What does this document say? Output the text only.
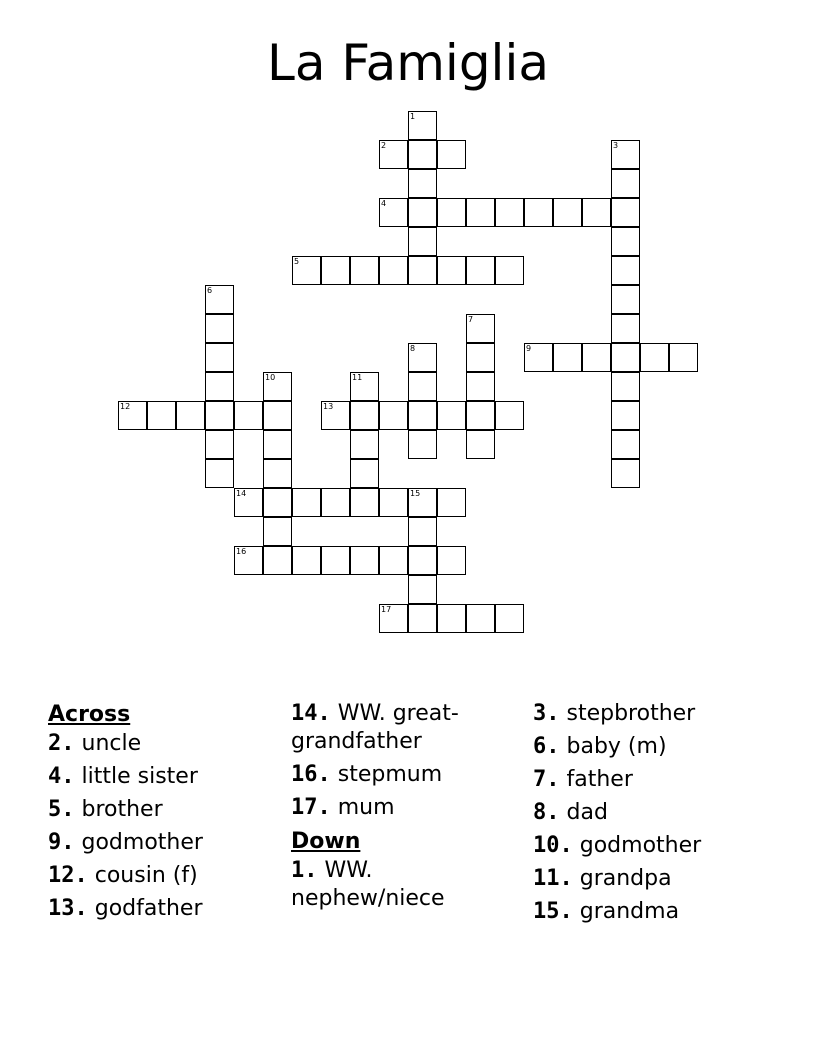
La Famiglia
1
2	3
4
5
6
7
8	9
10	11
12	13
14	15
16
17

Across

2. uncle

4. little sister

5. brother

9. godmother

12. cousin (f)

13. godfather

14. WW. great-grandfather

16. stepmum

17. mum

Down

1. WW. nephew/niece

3. stepbrother

6. baby (m)

7. father

8. dad

10. godmother

11. grandpa

15. grandma
